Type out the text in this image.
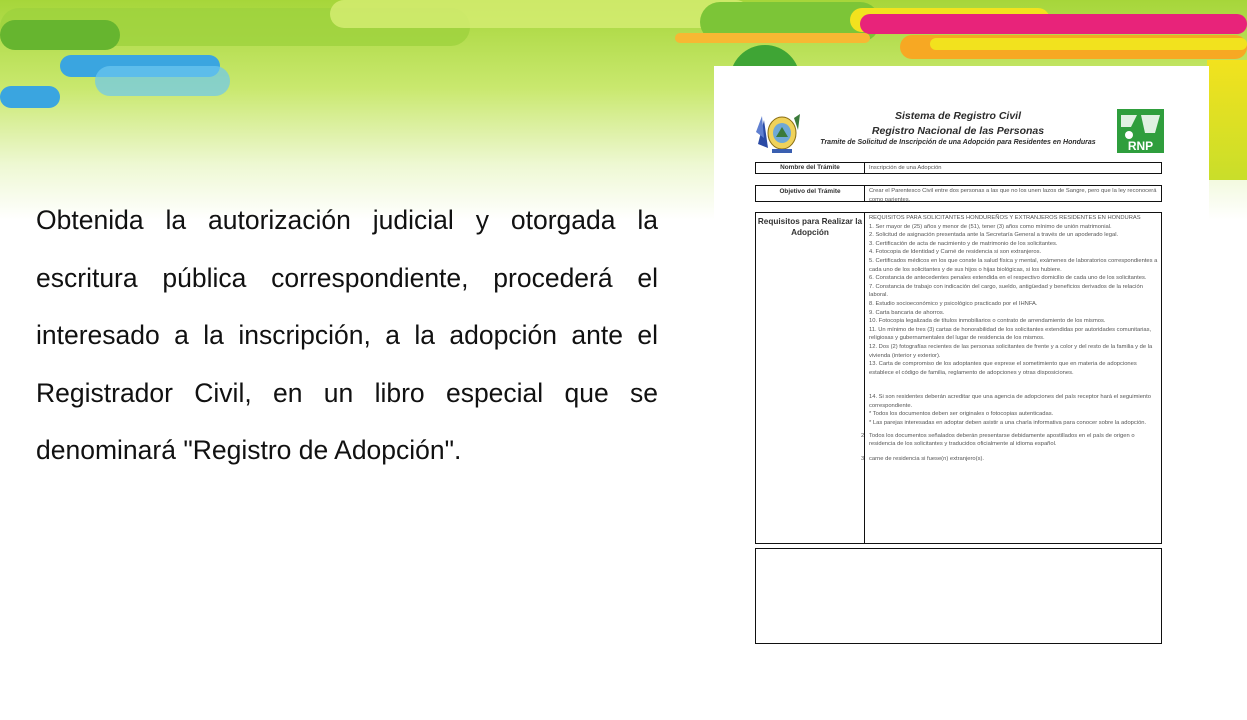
Obtenida la autorización judicial y otorgada la escritura pública correspondiente, procederá el interesado a la inscripción, a la adopción ante el Registrador Civil, en un libro especial que se denominará "Registro de Adopción".
Sistema de Registro Civil
Registro Nacional de las Personas
Tramite de Solicitud de Inscripción de una Adopción para Residentes en Honduras	RNP
Nombre del Trámite	Inscripción de una Adopción
Objetivo del Trámite	Crear el Parentesco Civil entre dos personas a las que no los unen lazos de Sangre, pero que la ley reconocerá como parientes.
Requisitos para Realizar la Adopción

REQUISITOS PARA SOLICITANTES HONDUREÑOS Y EXTRANJEROS RESIDENTES EN HONDURAS

1. Ser mayor de (25) años y menor de (51), tener (3) años como mínimo de unión matrimonial.

2. Solicitud de asignación presentada ante la Secretaría General a través de un apoderado legal.

3. Certificación de acta de nacimiento y de matrimonio de los solicitantes.

4. Fotocopia de Identidad y Carné de residencia si son extranjeros.

5. Certificados médicos en los que conste la salud física y mental, exámenes de laboratorios correspondientes a cada uno de los solicitantes y de sus hijos o hijas biológicas, si los hubiere.

6. Constancia de antecedentes penales extendida en el respectivo domicilio de cada uno de los solicitantes.

7. Constancia de trabajo con indicación del cargo, sueldo, antigüedad y beneficios derivados de la relación laboral.

8. Estudio socioeconómico y psicológico practicado por el IHNFA.

9. Carta bancaria de ahorros.

10. Fotocopia legalizada de títulos inmobiliarios o contrato de arrendamiento de los mismos.

11. Un mínimo de tres (3) cartas de honorabilidad de los solicitantes extendidas por autoridades comunitarias, religiosas y gubernamentales del lugar de residencia de los mismos.

12. Dos (2) fotografías recientes de las personas solicitantes de frente y a color y del resto de la familia y de la vivienda (interior y exterior).

13. Carta de compromiso de los adoptantes que exprese el sometimiento que en materia de adopciones establece el código de familia, reglamento de adopciones y otras disposiciones.

14. Si son residentes deberán acreditar que una agencia de adopciones del país receptor hará el seguimiento correspondiente.

* Todos los documentos deben ser originales o fotocopias autenticadas.

* Las parejas interesadas en adoptar deben asistir a una charla informativa para conocer sobre la adopción.

2 Todos los documentos señalados deberán presentarse debidamente apostillados en el país de origen o residencia de los solicitantes y traducidos oficialmente al idioma español.

3 carne de residencia si fuese(n) extranjero(s).
